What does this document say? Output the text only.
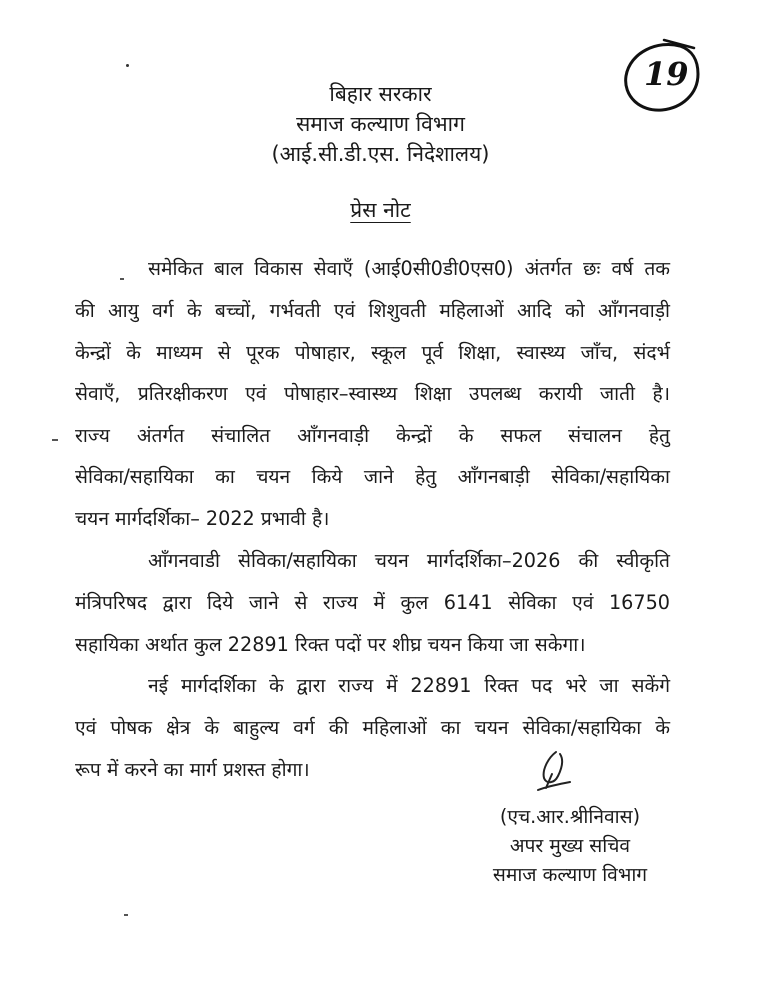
बिहार सरकार
समाज कल्याण विभाग
(आई.सी.डी.एस. निदेशालय)
19
प्रेस नोट
समेकित बाल विकास सेवाएँ (आई0सी0डी0एस0) अंतर्गत छः वर्ष तक
की आयु वर्ग के बच्चों, गर्भवती एवं शिशुवती महिलाओं आदि को आँगनवाड़ी
केन्द्रों के माध्यम से पूरक पोषाहार, स्कूल पूर्व शिक्षा, स्वास्थ्य जाँच, संदर्भ
सेवाएँ, प्रतिरक्षीकरण एवं पोषाहार–स्वास्थ्य शिक्षा उपलब्ध करायी जाती है।
राज्य अंतर्गत संचालित आँगनवाड़ी केन्द्रों के सफल संचालन हेतु
सेविका/सहायिका का चयन किये जाने हेतु आँगनबाड़ी सेविका/सहायिका
चयन मार्गदर्शिका– 2022 प्रभावी है।
आँगनवाडी सेविका/सहायिका चयन मार्गदर्शिका–2026 की स्वीकृति
मंत्रिपरिषद द्वारा दिये जाने से राज्य में कुल 6141 सेविका एवं 16750
सहायिका अर्थात कुल 22891 रिक्त पदों पर शीघ्र चयन किया जा सकेगा।
नई मार्गदर्शिका के द्वारा राज्य में 22891 रिक्त पद भरे जा सकेंगे
एवं पोषक क्षेत्र के बाहुल्य वर्ग की महिलाओं का चयन सेविका/सहायिका के
रूप में करने का मार्ग प्रशस्त होगा।
(एच.आर.श्रीनिवास)
अपर मुख्य सचिव
समाज कल्याण विभाग
